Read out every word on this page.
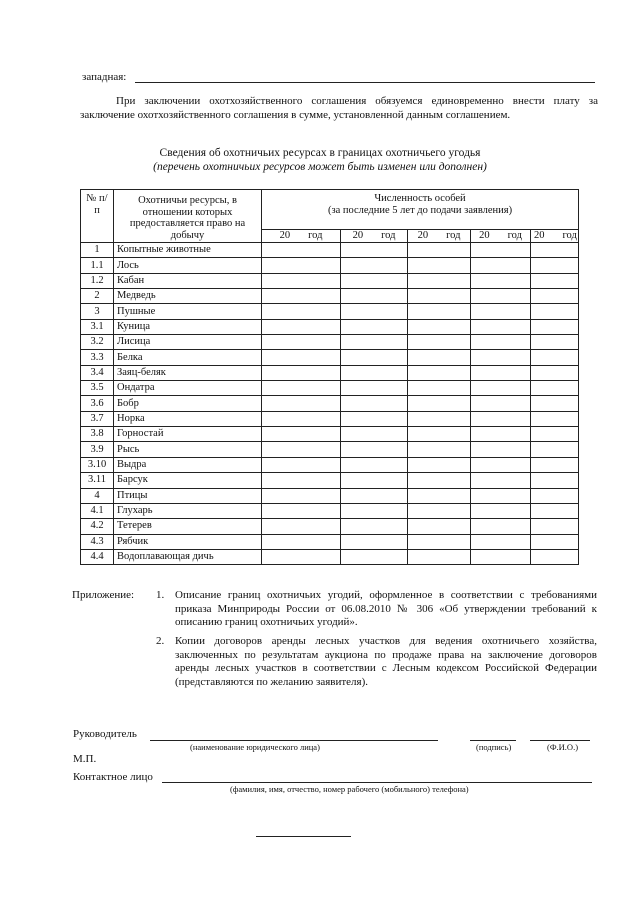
западная:
При заключении охотхозяйственного соглашения обязуемся единовременно внести плату за заключение охотхозяйственного соглашения в сумме, установленной данным соглашением.
Сведения об охотничьих ресурсах в границах охотничьего угодья
(перечень охотничьих ресурсов может быть изменен или дополнен)
№ п/п	Охотничьи ресурсы, в отношении которых предоставляется право на добычу	Численность особей
(за последние 5 лет до подачи заявления)				

		20 год	20 год	20 год	20 год	20 год
1	Копытные животные					
1.1	Лось					
1.2	Кабан					
2	Медведь					
3	Пушные					
3.1	Куница					
3.2	Лисица					
3.3	Белка					
3.4	Заяц-беляк					
3.5	Ондатра					
3.6	Бобр					
3.7	Норка					
3.8	Горностай					
3.9	Рысь					
3.10	Выдра					
3.11	Барсук					
4	Птицы					
4.1	Глухарь					
4.2	Тетерев					
4.3	Рябчик					
4.4	Водоплавающая дичь					
Приложение: 1. Описание границ охотничьих угодий, оформленное в соответствии с требованиями приказа Минприроды России от 06.08.2010 № 306 «Об утверждении требований к описанию границ охотничьих угодий».
2. Копии договоров аренды лесных участков для ведения охотничьего хозяйства, заключенных по результатам аукциона по продаже права на заключение договоров аренды лесных участков в соответствии с Лесным кодексом Российской Федерации (представляются по желанию заявителя).
Руководитель
(наименование юридического лица)	(подпись)	(Ф.И.О.)
М.П.
Контактное лицо
(фамилия, имя, отчество, номер рабочего (мобильного) телефона)
